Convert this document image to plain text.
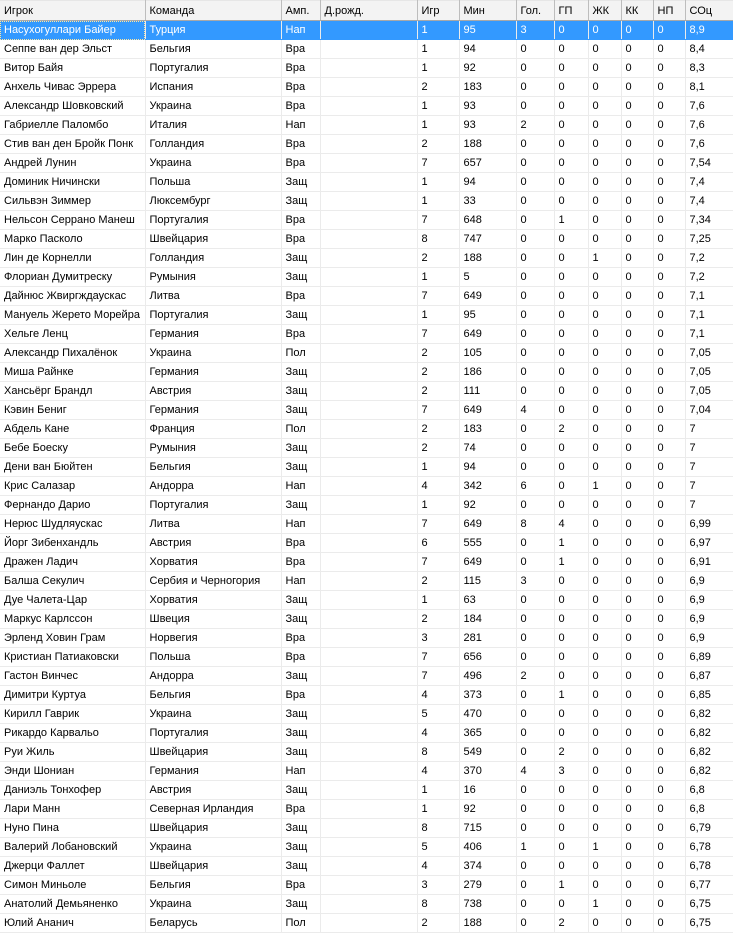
Игрок	Команда	Амп.	Д.рожд.	Игр	Мин	Гол.	ГП	ЖК	КК	НП	СОц
Насухогуллари Байер	Турция	Нап		1	95	3	0	0	0	0	8,9
Сеппе ван дер Эльст	Бельгия	Вра		1	94	0	0	0	0	0	8,4
Витор Байя	Португалия	Вра		1	92	0	0	0	0	0	8,3
Анхель Чивас Эррера	Испания	Вра		2	183	0	0	0	0	0	8,1
Александр Шовковский	Украина	Вра		1	93	0	0	0	0	0	7,6
Габриелле Паломбо	Италия	Нап		1	93	2	0	0	0	0	7,6
Стив ван ден Бройк Понк	Голландия	Вра		2	188	0	0	0	0	0	7,6
Андрей Лунин	Украина	Вра		7	657	0	0	0	0	0	7,54
Доминик Ничински	Польша	Защ		1	94	0	0	0	0	0	7,4
Сильвэн Зиммер	Люксембург	Защ		1	33	0	0	0	0	0	7,4
Нельсон Серрано Манеш	Португалия	Вра		7	648	0	1	0	0	0	7,34
Марко Пасколо	Швейцария	Вра		8	747	0	0	0	0	0	7,25
Лин де Корнелли	Голландия	Защ		2	188	0	0	1	0	0	7,2
Флориан Думитреску	Румыния	Защ		1	5	0	0	0	0	0	7,2
Дайнюс Жвиргждаускас	Литва	Вра		7	649	0	0	0	0	0	7,1
Мануель Жерето Морейра	Португалия	Защ		1	95	0	0	0	0	0	7,1
Хельге Ленц	Германия	Вра		7	649	0	0	0	0	0	7,1
Александр Пихалёнок	Украина	Пол		2	105	0	0	0	0	0	7,05
Миша Райнке	Германия	Защ		2	186	0	0	0	0	0	7,05
Хансьёрг Брандл	Австрия	Защ		2	111	0	0	0	0	0	7,05
Кэвин Бениг	Германия	Защ		7	649	4	0	0	0	0	7,04
Абдель Кане	Франция	Пол		2	183	0	2	0	0	0	7
Бебе Боеску	Румыния	Защ		2	74	0	0	0	0	0	7
Дени ван Бюйтен	Бельгия	Защ		1	94	0	0	0	0	0	7
Крис Салазар	Андорра	Нап		4	342	6	0	1	0	0	7
Фернандо Дарио	Португалия	Защ		1	92	0	0	0	0	0	7
Нерюс Шудляускас	Литва	Нап		7	649	8	4	0	0	0	6,99
Йорг Зибенхандль	Австрия	Вра		6	555	0	1	0	0	0	6,97
Дражен Ладич	Хорватия	Вра		7	649	0	1	0	0	0	6,91
Балша Секулич	Сербия и Черногория	Нап		2	115	3	0	0	0	0	6,9
Дуе Чалета-Цар	Хорватия	Защ		1	63	0	0	0	0	0	6,9
Маркус Карлссон	Швеция	Защ		2	184	0	0	0	0	0	6,9
Эрленд Ховин Грам	Норвегия	Вра		3	281	0	0	0	0	0	6,9
Кристиан Патиаковски	Польша	Вра		7	656	0	0	0	0	0	6,89
Гастон Винчес	Андорра	Защ		7	496	2	0	0	0	0	6,87
Димитри Куртуа	Бельгия	Вра		4	373	0	1	0	0	0	6,85
Кирилл Гаврик	Украина	Защ		5	470	0	0	0	0	0	6,82
Рикардо Карвальо	Португалия	Защ		4	365	0	0	0	0	0	6,82
Руи Жиль	Швейцария	Защ		8	549	0	2	0	0	0	6,82
Энди Шониан	Германия	Нап		4	370	4	3	0	0	0	6,82
Даниэль Тонхофер	Австрия	Защ		1	16	0	0	0	0	0	6,8
Лари Манн	Северная Ирландия	Вра		1	92	0	0	0	0	0	6,8
Нуно Пина	Швейцария	Защ		8	715	0	0	0	0	0	6,79
Валерий Лобановский	Украина	Защ		5	406	1	0	1	0	0	6,78
Джерци Фаллет	Швейцария	Защ		4	374	0	0	0	0	0	6,78
Симон Миньоле	Бельгия	Вра		3	279	0	1	0	0	0	6,77
Анатолий Демьяненко	Украина	Защ		8	738	0	0	1	0	0	6,75
Юлий Ананич	Беларусь	Пол		2	188	0	2	0	0	0	6,75
